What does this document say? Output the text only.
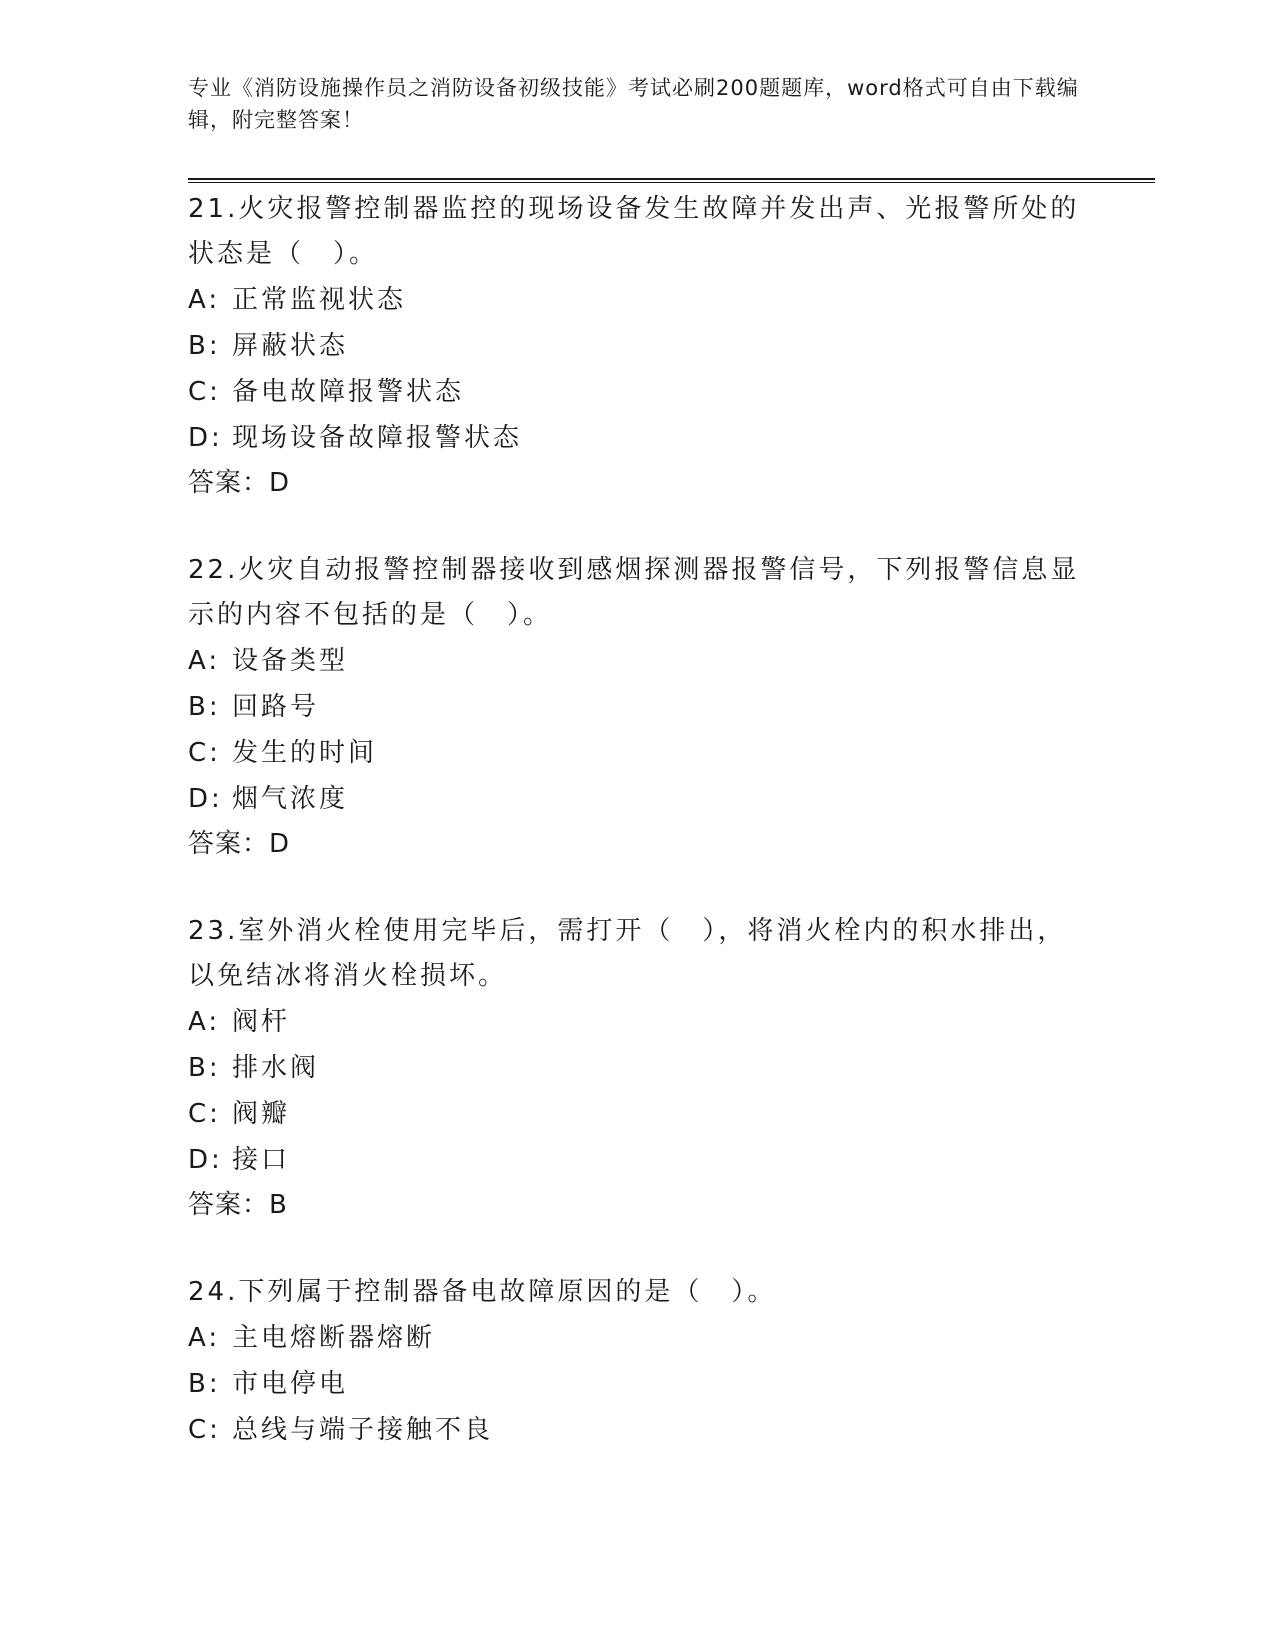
专业《消防设施操作员之消防设备初级技能》考试必刷200题题库，word格式可自由下载编辑，附完整答案！

21.火灾报警控制器监控的现场设备发生故障并发出声、光报警所处的状态是（　）。

A: 正常监视状态

B: 屏蔽状态

C: 备电故障报警状态

D: 现场设备故障报警状态

答案：D

22.火灾自动报警控制器接收到感烟探测器报警信号，下列报警信息显示的内容不包括的是（　）。

A: 设备类型

B: 回路号

C: 发生的时间

D: 烟气浓度

答案：D

23.室外消火栓使用完毕后，需打开（　），将消火栓内的积水排出，以免结冰将消火栓损坏。

A: 阀杆

B: 排水阀

C: 阀瓣

D: 接口

答案：B

24.下列属于控制器备电故障原因的是（　）。

A: 主电熔断器熔断

B: 市电停电

C: 总线与端子接触不良
